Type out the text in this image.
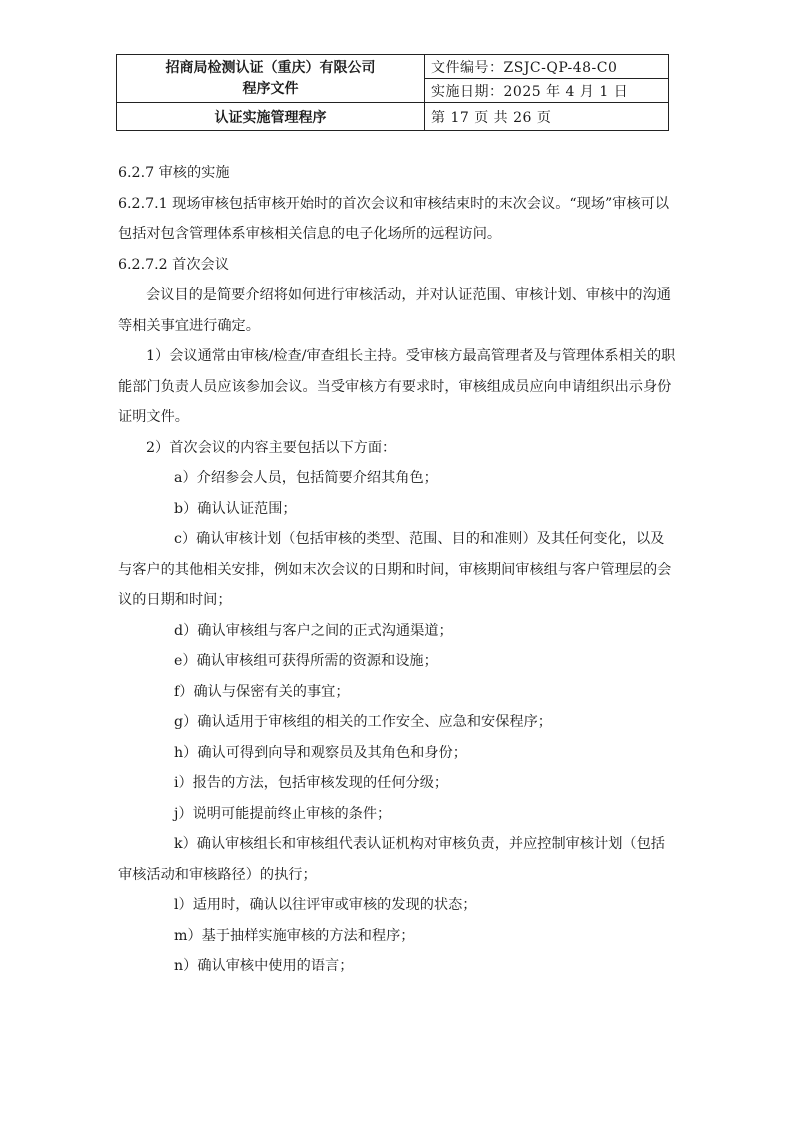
招商局检测认证（重庆）有限公司
程序文件	文件编号：ZSJC-QP-48-C0
	实施日期：2025 年 4 月 1 日
认证实施管理程序	第 17 页 共 26 页

6.2.7 审核的实施

6.2.7.1 现场审核包括审核开始时的首次会议和审核结束时的末次会议。“现场”审核可以包括对包含管理体系审核相关信息的电子化场所的远程访问。

6.2.7.2 首次会议

会议目的是简要介绍将如何进行审核活动，并对认证范围、审核计划、审核中的沟通等相关事宜进行确定。

1）会议通常由审核/检查/审查组长主持。受审核方最高管理者及与管理体系相关的职能部门负责人员应该参加会议。当受审核方有要求时，审核组成员应向申请组织出示身份证明文件。

2）首次会议的内容主要包括以下方面：

a）介绍参会人员，包括简要介绍其角色；

b）确认认证范围；

c）确认审核计划（包括审核的类型、范围、目的和准则）及其任何变化，以及与客户的其他相关安排，例如末次会议的日期和时间，审核期间审核组与客户管理层的会议的日期和时间；

d）确认审核组与客户之间的正式沟通渠道；

e）确认审核组可获得所需的资源和设施；

f）确认与保密有关的事宜；

g）确认适用于审核组的相关的工作安全、应急和安保程序；

h）确认可得到向导和观察员及其角色和身份；

i）报告的方法，包括审核发现的任何分级；

j）说明可能提前终止审核的条件；

k）确认审核组长和审核组代表认证机构对审核负责，并应控制审核计划（包括审核活动和审核路径）的执行；

l）适用时，确认以往评审或审核的发现的状态；

m）基于抽样实施审核的方法和程序；

n）确认审核中使用的语言；
